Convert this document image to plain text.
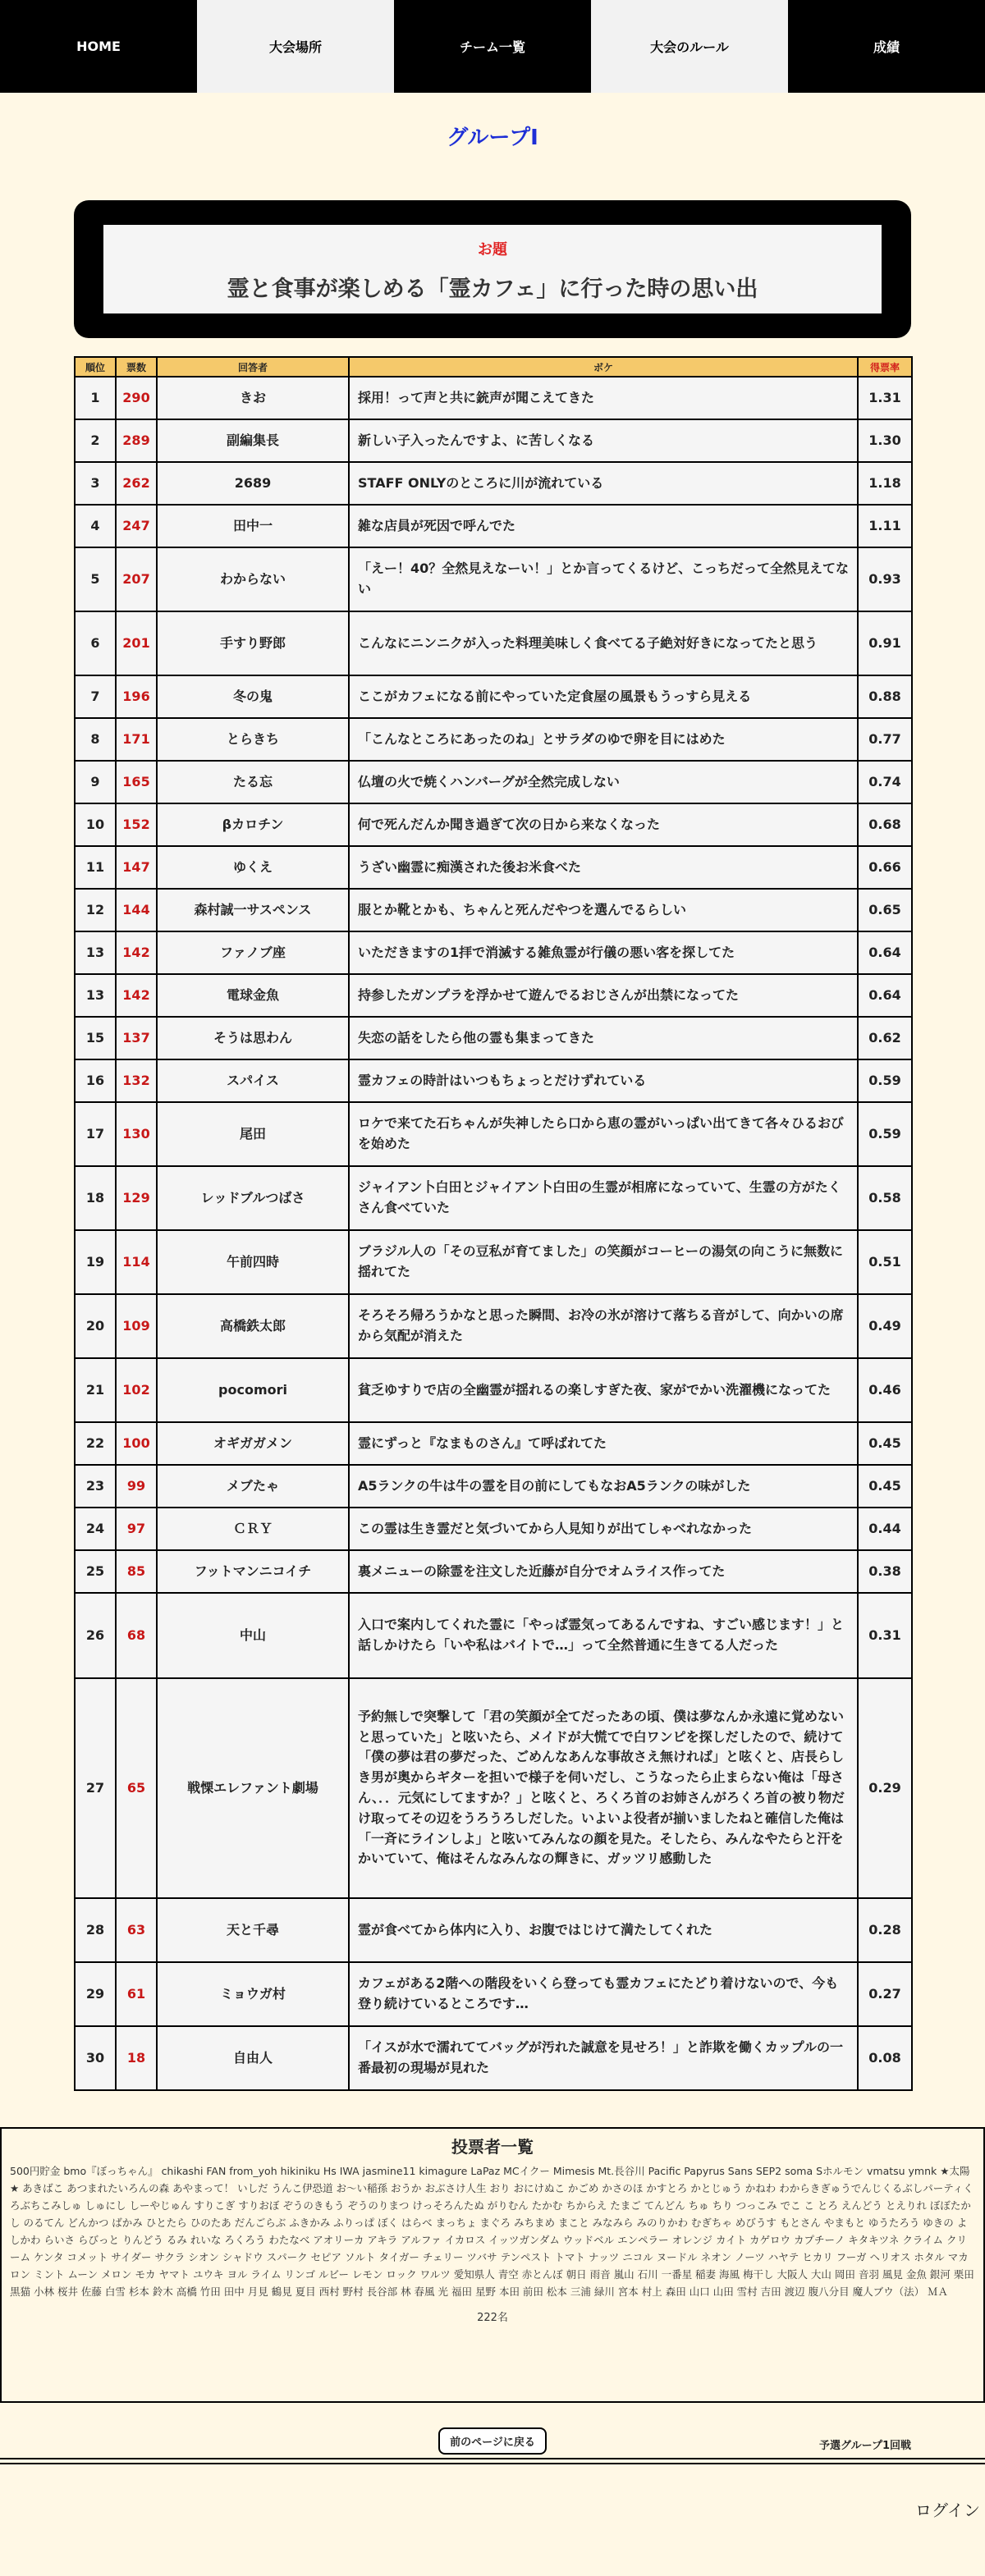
HOME	大会場所	チーム一覧	大会のルール	成績
グループI
お題
霊と食事が楽しめる「霊カフェ」に行った時の思い出
順位	票数	回答者	ボケ	得票率
1	290	きお	採用！って声と共に銃声が聞こえてきた	1.31
2	289	副編集長	新しい子入ったんですよ、に苦しくなる	1.30
3	262	2689	STAFF ONLYのところに川が流れている	1.18
4	247	田中一	雑な店員が死因で呼んでた	1.11
5	207	わからない	「えー！40？全然見えなーい！」とか言ってくるけど、こっちだって全然見えてない	0.93
6	201	手すり野郎	こんなにニンニクが入った料理美味しく食べてる子絶対好きになってたと思う	0.91
7	196	冬の鬼	ここがカフェになる前にやっていた定食屋の風景もうっすら見える	0.88
8	171	とらきち	「こんなところにあったのね」とサラダのゆで卵を目にはめた	0.77
9	165	たる忘	仏壇の火で焼くハンバーグが全然完成しない	0.74
10	152	βカロチン	何で死んだんか聞き過ぎて次の日から来なくなった	0.68
11	147	ゆくえ	うざい幽霊に痴漢された後お米食べた	0.66
12	144	森村誠一サスペンス	服とか靴とかも、ちゃんと死んだやつを選んでるらしい	0.65
13	142	ファノブ座	いただきますの1拝で消滅する雑魚霊が行儀の悪い客を探してた	0.64
13	142	電球金魚	持参したガンプラを浮かせて遊んでるおじさんが出禁になってた	0.64
15	137	そうは思わん	失恋の話をしたら他の霊も集まってきた	0.62
16	132	スパイス	霊カフェの時計はいつもちょっとだけずれている	0.59
17	130	尾田	ロケで来てた石ちゃんが失神したら口から恵の霊がいっぱい出てきて各々ひるおびを始めた	0.59
18	129	レッドブルつばさ	ジャイアン卜白田とジャイアン卜白田の生霊が相席になっていて、生霊の方がたくさん食べていた	0.58
19	114	午前四時	ブラジル人の「その豆私が育てました」の笑顔がコーヒーの湯気の向こうに無数に揺れてた	0.51
20	109	高橋鉄太郎	そろそろ帰ろうかなと思った瞬間、お冷の氷が溶けて落ちる音がして、向かいの席から気配が消えた	0.49
21	102	pocomori	貧乏ゆすりで店の全幽霊が揺れるの楽しすぎた夜、家がでかい洗濯機になってた	0.46
22	100	オギガガメン	霊にずっと『なまものさん』て呼ばれてた	0.45
23	99	メブたゃ	A5ランクの牛は牛の霊を目の前にしてもなおA5ランクの味がした	0.45
24	97	ＣＲＹ	この霊は生き霊だと気づいてから人見知りが出てしゃべれなかった	0.44
25	85	フットマンニコイチ	裏メニューの除霊を注文した近藤が自分でオムライス作ってた	0.38
26	68	中山	入口で案内してくれた霊に「やっぱ霊気ってあるんですね、すごい感じます！」と話しかけたら「いや私はバイトで…」って全然普通に生きてる人だった	0.31
27	65	戦慄エレファント劇場	予約無しで突撃して「君の笑顔が全てだったあの頃、僕は夢なんか永遠に覚めないと思っていた」と呟いたら、メイドが大慌てで白ワンピを探しだしたので、続けて「僕の夢は君の夢だった、ごめんなあんな事故さえ無ければ」と呟くと、店長らしき男が奥からギターを担いで様子を伺いだし、こうなったら止まらない俺は「母さん、．．元気にしてますか？」と呟くと、ろくろ首のお姉さんがろくろ首の被り物だけ取ってその辺をうろうろしだした。いよいよ役者が揃いましたねと確信した俺は「一斉にラインしよ」と呟いてみんなの顔を見た。そしたら、みんなやたらと汗をかいていて、俺はそんなみんなの輝きに、ガッツリ感動した	0.29
28	63	天と千尋	霊が食べてから体内に入り、お腹ではじけて満たしてくれた	0.28
29	61	ミョウガ村	カフェがある2階への階段をいくら登っても霊カフェにたどり着けないので、今も登り続けているところです…	0.27
30	18	自由人	「イスが水で濡れててバッグが汚れた誠意を見せろ！」と詐欺を働くカップルの一番最初の現場が見れた	0.08
投票者一覧
500円貯金 bmo『ぼっちゃん』 chikashi FAN from_yoh hikiniku Hs IWA jasmine11 kimagure LaPaz MCイクー Mimesis Mt.長谷川 Pacific Papyrus Sans SEP2 soma Sホルモン vmatsu ymnk ★太陽★ あきばこ あつまれたいろんの森 あやまって！ いしだ うんこ伊恐道 お〜い稲孫 おうか おぶさけ人生 おり おにけぬこ かごめ かさのほ かすとろ かとじゅう かねわ わからきぎゅうでんじくるぶしパーティくろぶちこみしゅ しゅにし しーやじゅん すりこぎ すりおぼ ぞうのきもう ぞうのりまつ けっそろんたぬ がりむん たかむ ちからえ たまご てんどん ちゅ ちり つっこみ でこ こ とろ えんどう とえりれ ぼぼたかし のるてん どんかつ ばかみ ひとたら ひのたあ だんごらぶ ふきかみ ふりっぱ ぼく はらべ まっちょ まぐろ みちまめ まこと みなみら みのりかわ むぎちゃ めびうす もとさん やまもと ゆうたろう ゆきの よしかわ らいさ らびっと りんどう るみ れいな ろくろう わたなべ アオリーカ アキラ アルファ イカロス イッツガンダム ウッドベル エンペラー オレンジ カイト カゲロウ カプチーノ キタキツネ クライム クリーム ケンタ コメット サイダー サクラ シオン シャドウ スパーク セピア ソルト タイガー チェリー ツバサ テンペスト トマト ナッツ ニコル ヌードル ネオン ノーツ ハヤテ ヒカリ フーガ ヘリオス ホタル マカロン ミント ムーン メロン モカ ヤマト ユウキ ヨル ライム リンゴ ルビー レモン ロック ワルツ 愛知県人 青空 赤とんぼ 朝日 雨音 嵐山 石川 一番星 稲妻 海風 梅干し 大阪人 大山 岡田 音羽 風見 金魚 銀河 栗田 黒猫 小林 桜井 佐藤 白雪 杉本 鈴木 高橋 竹田 田中 月見 鶴見 夏目 西村 野村 長谷部 林 春風 光 福田 星野 本田 前田 松本 三浦 緑川 宮本 村上 森田 山口 山田 雪村 吉田 渡辺 腹八分目 魔人ブウ（法） ＭＡ
222名
前のページに戻る	予選グループ1回戦
ログイン
